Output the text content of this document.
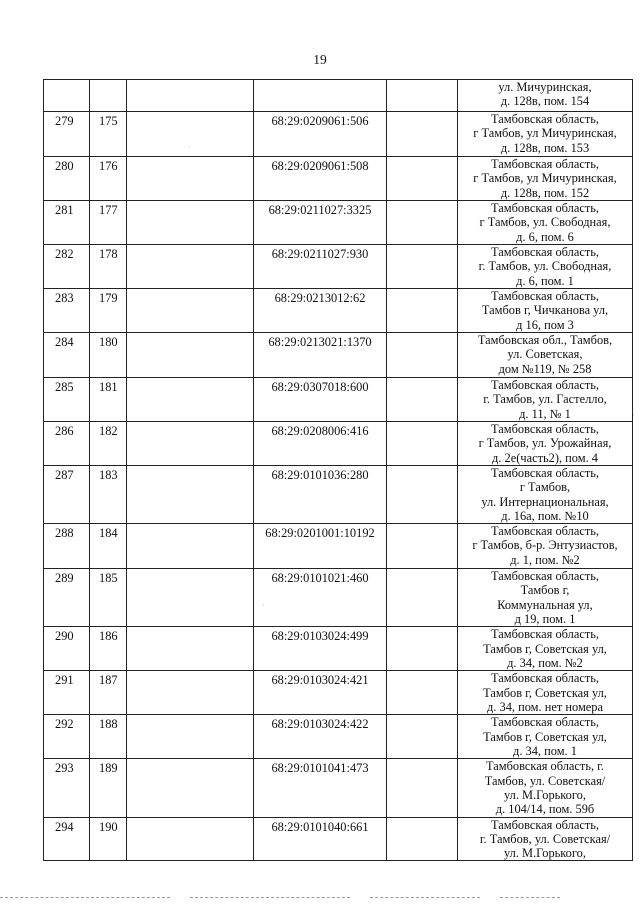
19

					ул. Мичуринская,
д. 128в, пом. 154

279	175		68:29:0209061:506		Тамбовская область,
г Тамбов, ул Мичуринская,
д. 128в, пом. 153

280	176		68:29:0209061:508		Тамбовская область,
г Тамбов, ул Мичуринская,
д. 128в, пом. 152

281	177		68:29:0211027:3325		Тамбовская область,
г Тамбов, ул. Свободная,
д. 6, пом. 6

282	178		68:29:0211027:930		Тамбовская область,
г. Тамбов, ул. Свободная,
д. 6, пом. 1

283	179		68:29:0213012:62		Тамбовская область,
Тамбов г, Чичканова ул,
д 16, пом 3

284	180		68:29:0213021:1370		Тамбовская обл., Тамбов,
ул. Советская,
дом №119, № 258

285	181		68:29:0307018:600		Тамбовская область,
г. Тамбов, ул. Гастелло,
д. 11, № 1

286	182		68:29:0208006:416		Тамбовская область,
г Тамбов, ул. Урожайная,
д. 2е(часть2), пом. 4

287	183		68:29:0101036:280		Тамбовская область,
г Тамбов,
ул. Интернациональная,
д. 16а, пом. №10

288	184		68:29:0201001:10192		Тамбовская область,
г Тамбов, б-р. Энтузиастов,
д. 1, пом. №2

289	185		68:29:0101021:460		Тамбовская область,
Тамбов г,
Коммунальная ул,
д 19, пом. 1

290	186		68:29:0103024:499		Тамбовская область,
Тамбов г, Советская ул,
д. 34, пом. №2

291	187		68:29:0103024:421		Тамбовская область,
Тамбов г, Советская ул,
д. 34, пом. нет номера

292	188		68:29:0103024:422		Тамбовская область,
Тамбов г, Советская ул,
д. 34, пом. 1

293	189		68:29:0101041:473		Тамбовская область, г.
Тамбов, ул. Советская/
ул. М.Горького,
д. 104/14, пом. 59б

294	190		68:29:0101040:661		Тамбовская область,
г. Тамбов, ул. Советская/
ул. М.Горького,
·
·
·
